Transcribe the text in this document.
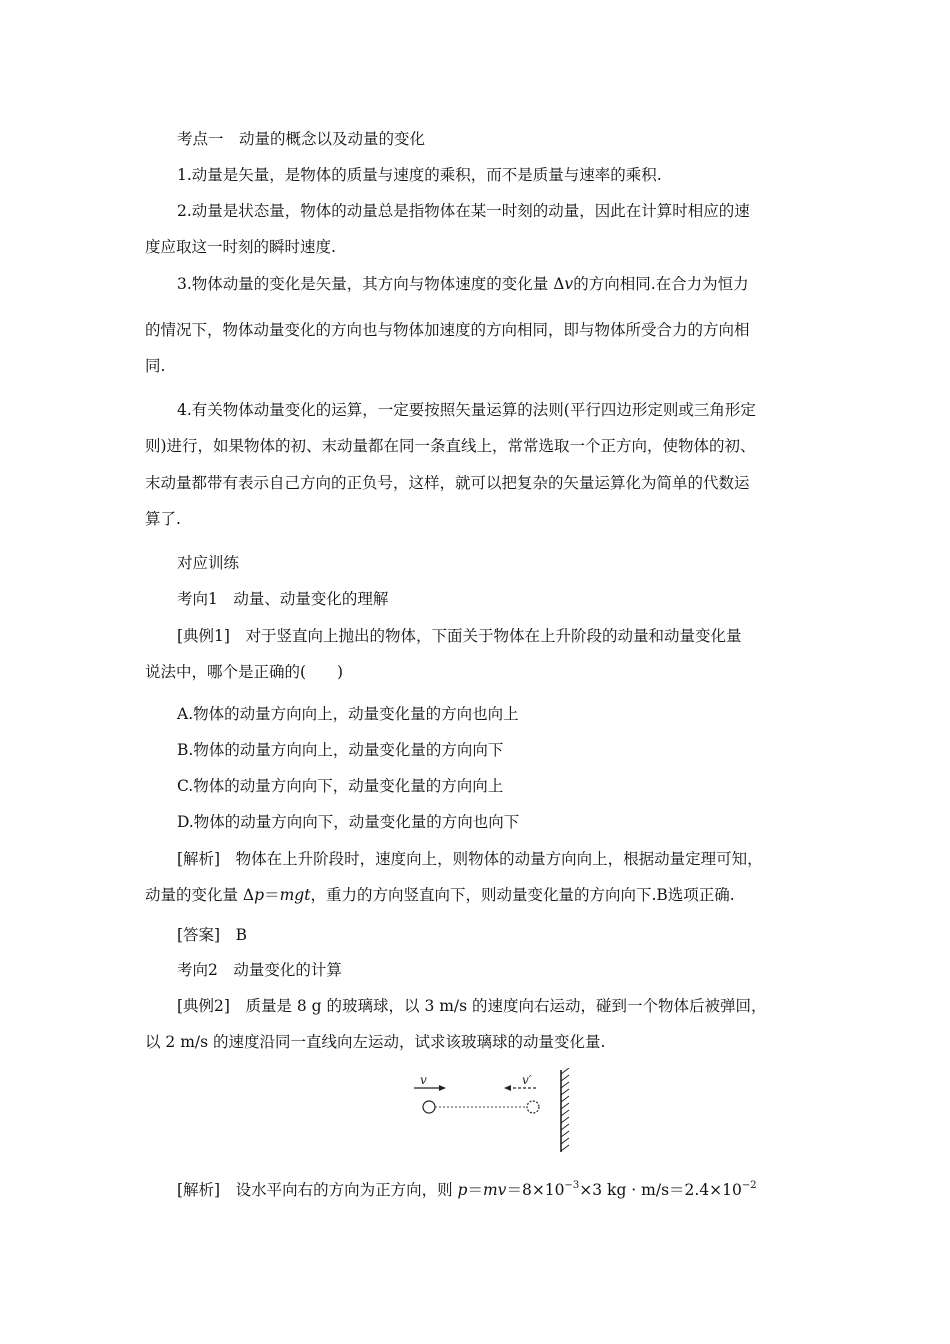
考点一　动量的概念以及动量的变化
1.动量是矢量，是物体的质量与速度的乘积，而不是质量与速率的乘积.
2.动量是状态量，物体的动量总是指物体在某一时刻的动量，因此在计算时相应的速
度应取这一时刻的瞬时速度.
3.物体动量的变化是矢量，其方向与物体速度的变化量 Δv的方向相同.在合力为恒力
的情况下，物体动量变化的方向也与物体加速度的方向相同，即与物体所受合力的方向相
同.
4.有关物体动量变化的运算，一定要按照矢量运算的法则(平行四边形定则或三角形定
则)进行，如果物体的初、末动量都在同一条直线上，常常选取一个正方向，使物体的初、
末动量都带有表示自己方向的正负号，这样，就可以把复杂的矢量运算化为简单的代数运
算了.
对应训练
考向1　动量、动量变化的理解
[典例1]　对于竖直向上抛出的物体，下面关于物体在上升阶段的动量和动量变化量
说法中，哪个是正确的(　　)
A.物体的动量方向向上，动量变化量的方向也向上
B.物体的动量方向向上，动量变化量的方向向下
C.物体的动量方向向下，动量变化量的方向向上
D.物体的动量方向向下，动量变化量的方向也向下
[解析]　物体在上升阶段时，速度向上，则物体的动量方向向上，根据动量定理可知，
动量的变化量 Δp＝mgt，重力的方向竖直向下，则动量变化量的方向向下.B选项正确.
[答案]　B
考向2　动量变化的计算
[典例2]　质量是 8 g 的玻璃球，以 3 m/s 的速度向右运动，碰到一个物体后被弹回，
以 2 m/s 的速度沿同一直线向左运动，试求该玻璃球的动量变化量.
v	v′
[解析]　设水平向右的方向为正方向，则 $p=mv=8\times 10^{-3}\times 3$ kg · $m/s=2.4\times 10^{-2}$
